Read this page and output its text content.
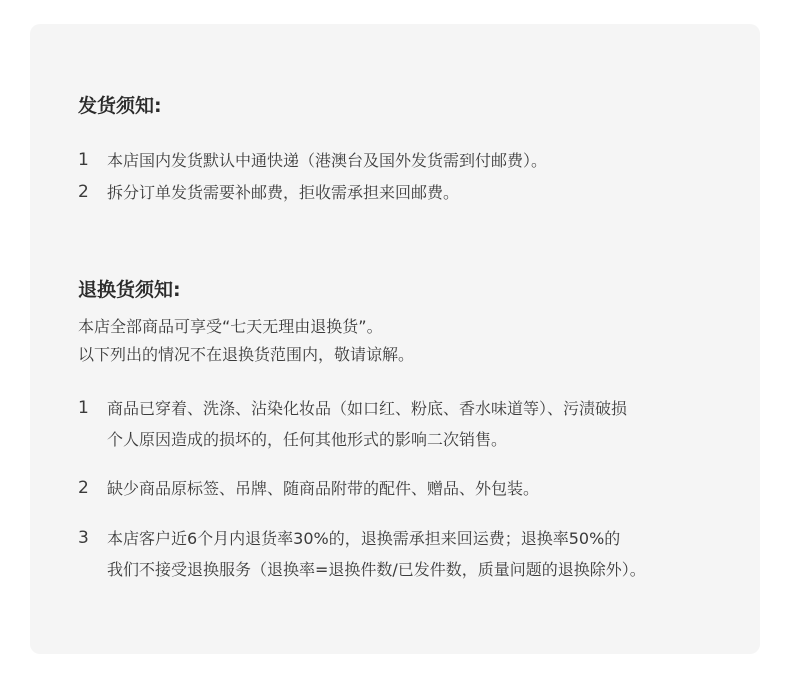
发货须知:
1	本店国内发货默认中通快递（港澳台及国外发货需到付邮费）。
2	拆分订单发货需要补邮费，拒收需承担来回邮费。
退换货须知:
本店全部商品可享受“七天无理由退换货”。
以下列出的情况不在退换货范围内，敬请谅解。
1	商品已穿着、洗涤、沾染化妆品（如口红、粉底、香水味道等）、污渍破损
个人原因造成的损坏的，任何其他形式的影响二次销售。
2	缺少商品原标签、吊牌、随商品附带的配件、赠品、外包装。
3	本店客户近6个月内退货率30%的，退换需承担来回运费；退换率50%的
我们不接受退换服务（退换率=退换件数/已发件数，质量问题的退换除外）。
